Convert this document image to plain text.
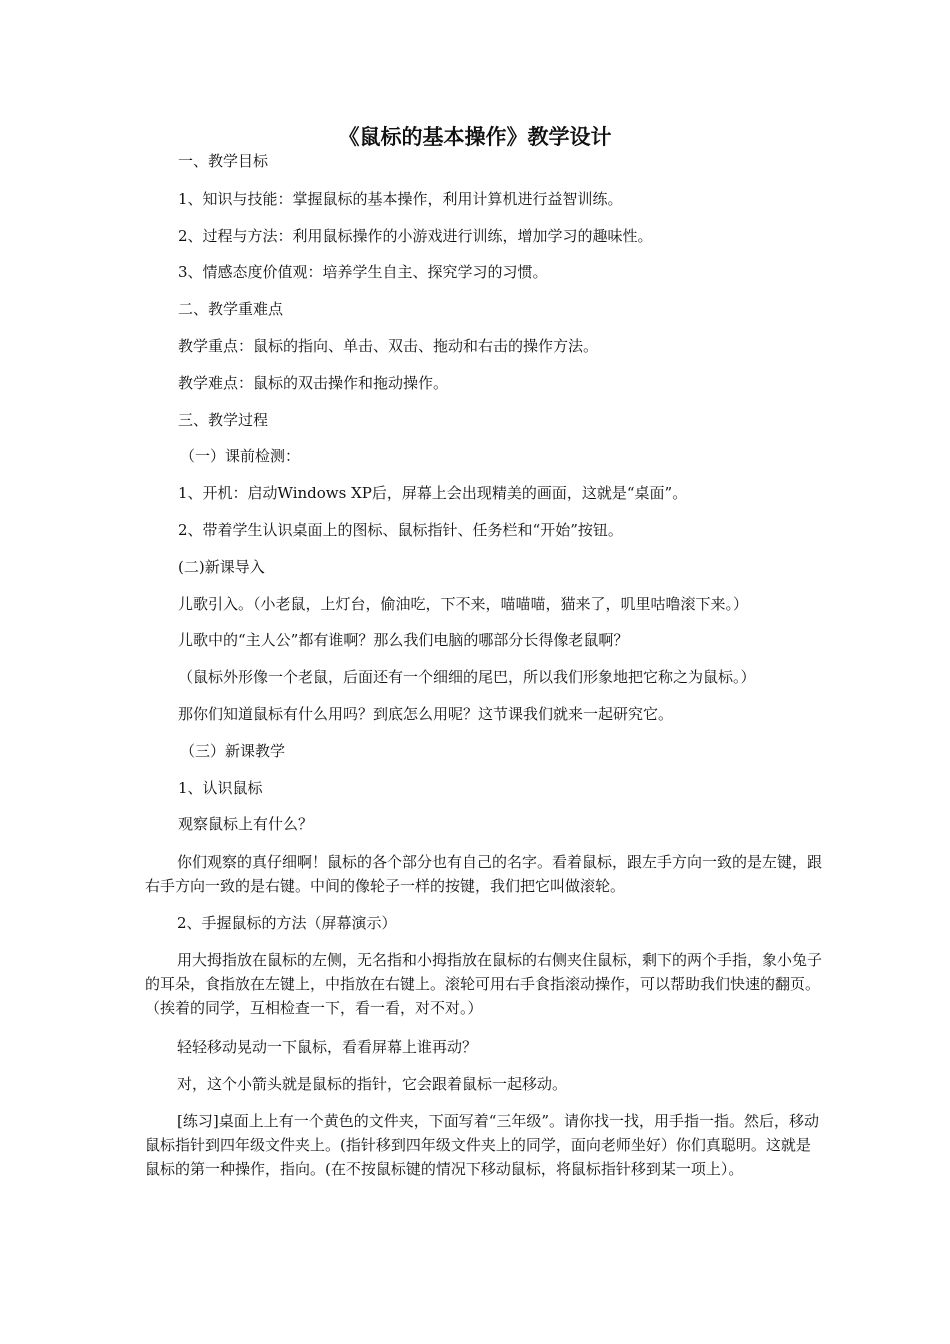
《鼠标的基本操作》教学设计

一、教学目标

1、知识与技能：掌握鼠标的基本操作，利用计算机进行益智训练。

2、过程与方法：利用鼠标操作的小游戏进行训练，增加学习的趣味性。

3、情感态度价值观：培养学生自主、探究学习的习惯。

二、教学重难点

教学重点：鼠标的指向、单击、双击、拖动和右击的操作方法。

教学难点：鼠标的双击操作和拖动操作。

三、教学过程

（一）课前检测：

1、开机：启动Windows XP后，屏幕上会出现精美的画面，这就是“桌面”。

2、带着学生认识桌面上的图标、鼠标指针、任务栏和“开始”按钮。

(二)新课导入

儿歌引入。（小老鼠，上灯台，偷油吃，下不来，喵喵喵，猫来了，叽里咕噜滚下来。）

儿歌中的“主人公”都有谁啊？那么我们电脑的哪部分长得像老鼠啊？

（鼠标外形像一个老鼠，后面还有一个细细的尾巴，所以我们形象地把它称之为鼠标。）

那你们知道鼠标有什么用吗？到底怎么用呢？这节课我们就来一起研究它。

（三）新课教学

1、认识鼠标

观察鼠标上有什么？

你们观察的真仔细啊！鼠标的各个部分也有自己的名字。看着鼠标，跟左手方向一致的是左键，跟右手方向一致的是右键。中间的像轮子一样的按键，我们把它叫做滚轮。

2、手握鼠标的方法（屏幕演示）

用大拇指放在鼠标的左侧，无名指和小拇指放在鼠标的右侧夹住鼠标，剩下的两个手指，象小兔子的耳朵，食指放在左键上，中指放在右键上。滚轮可用右手食指滚动操作，可以帮助我们快速的翻页。（挨着的同学，互相检查一下，看一看，对不对。）

轻轻移动晃动一下鼠标，看看屏幕上谁再动？

对，这个小箭头就是鼠标的指针，它会跟着鼠标一起移动。

[练习]桌面上上有一个黄色的文件夹，下面写着“三年级”。请你找一找，用手指一指。然后，移动鼠标指针到四年级文件夹上。(指针移到四年级文件夹上的同学，面向老师坐好）你们真聪明。这就是鼠标的第一种操作，指向。(在不按鼠标键的情况下移动鼠标，将鼠标指针移到某一项上）。
